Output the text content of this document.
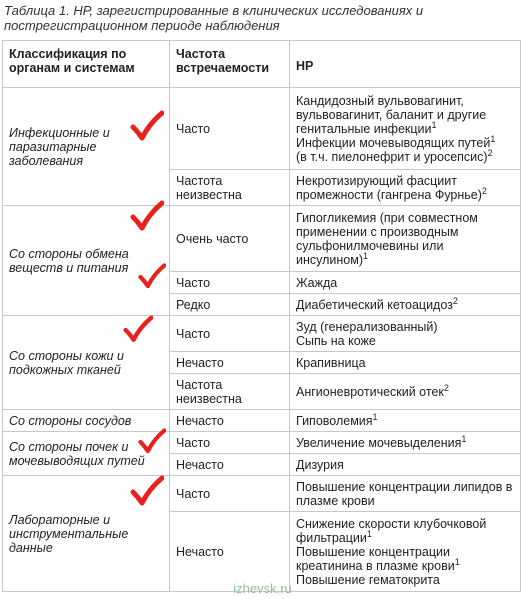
Таблица 1. НР, зарегистрированные в клинических исследованиях и пострегистрационном периоде наблюдения
Классификация по органам и системам	Частота встречаемости	НР
Инфекционные и паразитарные заболевания	Часто	Кандидозный вульвовагинит, вульвовагинит, баланит и другие генитальные инфекции$^1$
Инфекции мочевыводящих путей$^1$
(в т.ч. пиелонефрит и уросепсис)$^2$
	Частота неизвестна	Некротизирующий фасциит промежности (гангрена Фурнье)$^2$
Со стороны обмена веществ и питания	Очень часто	Гипогликемия (при совместном применении с производным сульфонилмочевины или инсулином)$^1$
	Часто	Жажда
	Редко	Диабетический кетоацидоз$^2$
Со стороны кожи и подкожных тканей	Часто	Зуд (генерализованный)
Сыпь на коже
	Нечасто	Крапивница
	Частота неизвестна	Ангионевротический отек$^2$
Со стороны сосудов	Нечасто	Гиповолемия$^1$
Со стороны почек и мочевыводящих путей	Часто	Увеличение мочевыделения$^1$
	Нечасто	Дизурия
Лабораторные и инструментальные данные	Часто	Повышение концентрации липидов в плазме крови
	Нечасто	Снижение скорости клубочковой фильтрации$^1$
Повышение концентрации креатинина в плазме крови$^1$
Повышение гематокрита
izhevsk.ru
